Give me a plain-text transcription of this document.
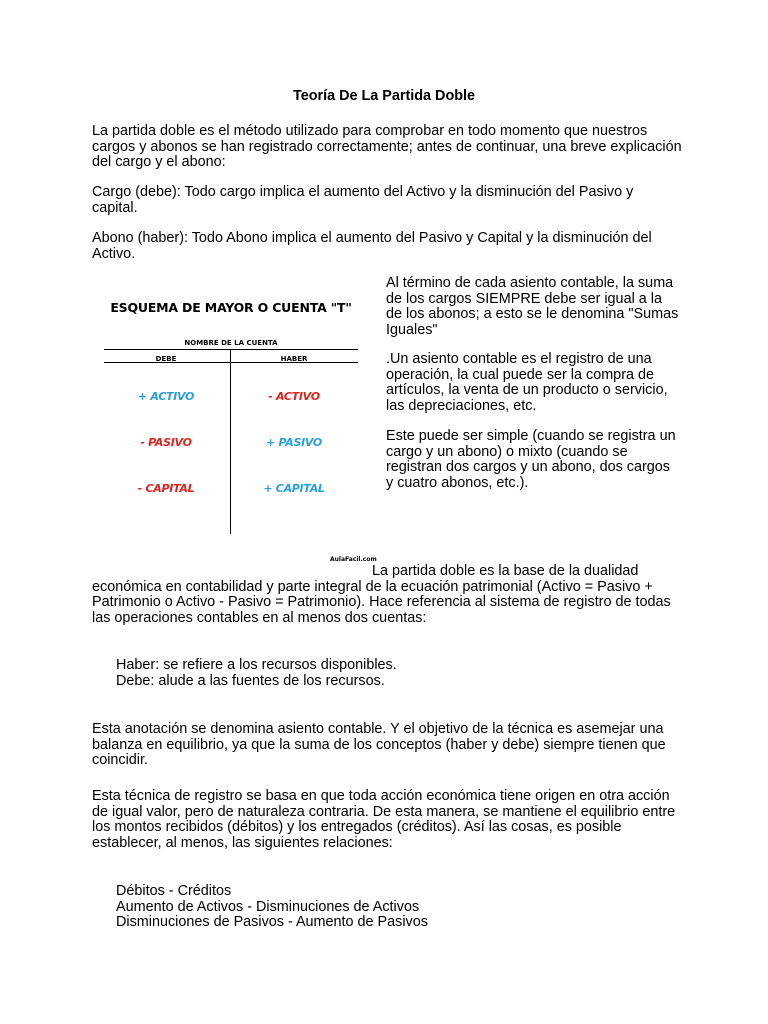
Teoría De La Partida Doble
La partida doble es el método utilizado para comprobar en todo momento que nuestros
cargos y abonos se han registrado correctamente; antes de continuar, una breve explicación
del cargo y el abono:
Cargo (debe): Todo cargo implica el aumento del Activo y la disminución del Pasivo y
capital.
Abono (haber): Todo Abono implica el aumento del Pasivo y Capital y la disminución del
Activo.
ESQUEMA DE MAYOR O CUENTA "T"
NOMBRE DE LA CUENTA
DEBE	HABER
+ ACTIVO
- PASIVO
- CAPITAL
- ACTIVO
+ PASIVO
+ CAPITAL
AulaFacil.com
Al término de cada asiento contable, la suma
de los cargos SIEMPRE debe ser igual a la
de los abonos; a esto se le denomina "Sumas
Iguales"
.Un asiento contable es el registro de una
operación, la cual puede ser la compra de
artículos, la venta de un producto o servicio,
las depreciaciones, etc.
Este puede ser simple (cuando se registra un
cargo y un abono) o mixto (cuando se
registran dos cargos y un abono, dos cargos
y cuatro abonos, etc.).
La partida doble es la base de la dualidad
económica en contabilidad y parte integral de la ecuación patrimonial (Activo = Pasivo +
Patrimonio o Activo - Pasivo = Patrimonio). Hace referencia al sistema de registro de todas
las operaciones contables en al menos dos cuentas:
Haber: se refiere a los recursos disponibles.
Debe: alude a las fuentes de los recursos.
Esta anotación se denomina asiento contable. Y el objetivo de la técnica es asemejar una
balanza en equilibrio, ya que la suma de los conceptos (haber y debe) siempre tienen que
coincidir.
Esta técnica de registro se basa en que toda acción económica tiene origen en otra acción
de igual valor, pero de naturaleza contraria. De esta manera, se mantiene el equilibrio entre
los montos recibidos (débitos) y los entregados (créditos). Así las cosas, es posible
establecer, al menos, las siguientes relaciones:
Débitos - Créditos
Aumento de Activos - Disminuciones de Activos
Disminuciones de Pasivos - Aumento de Pasivos
